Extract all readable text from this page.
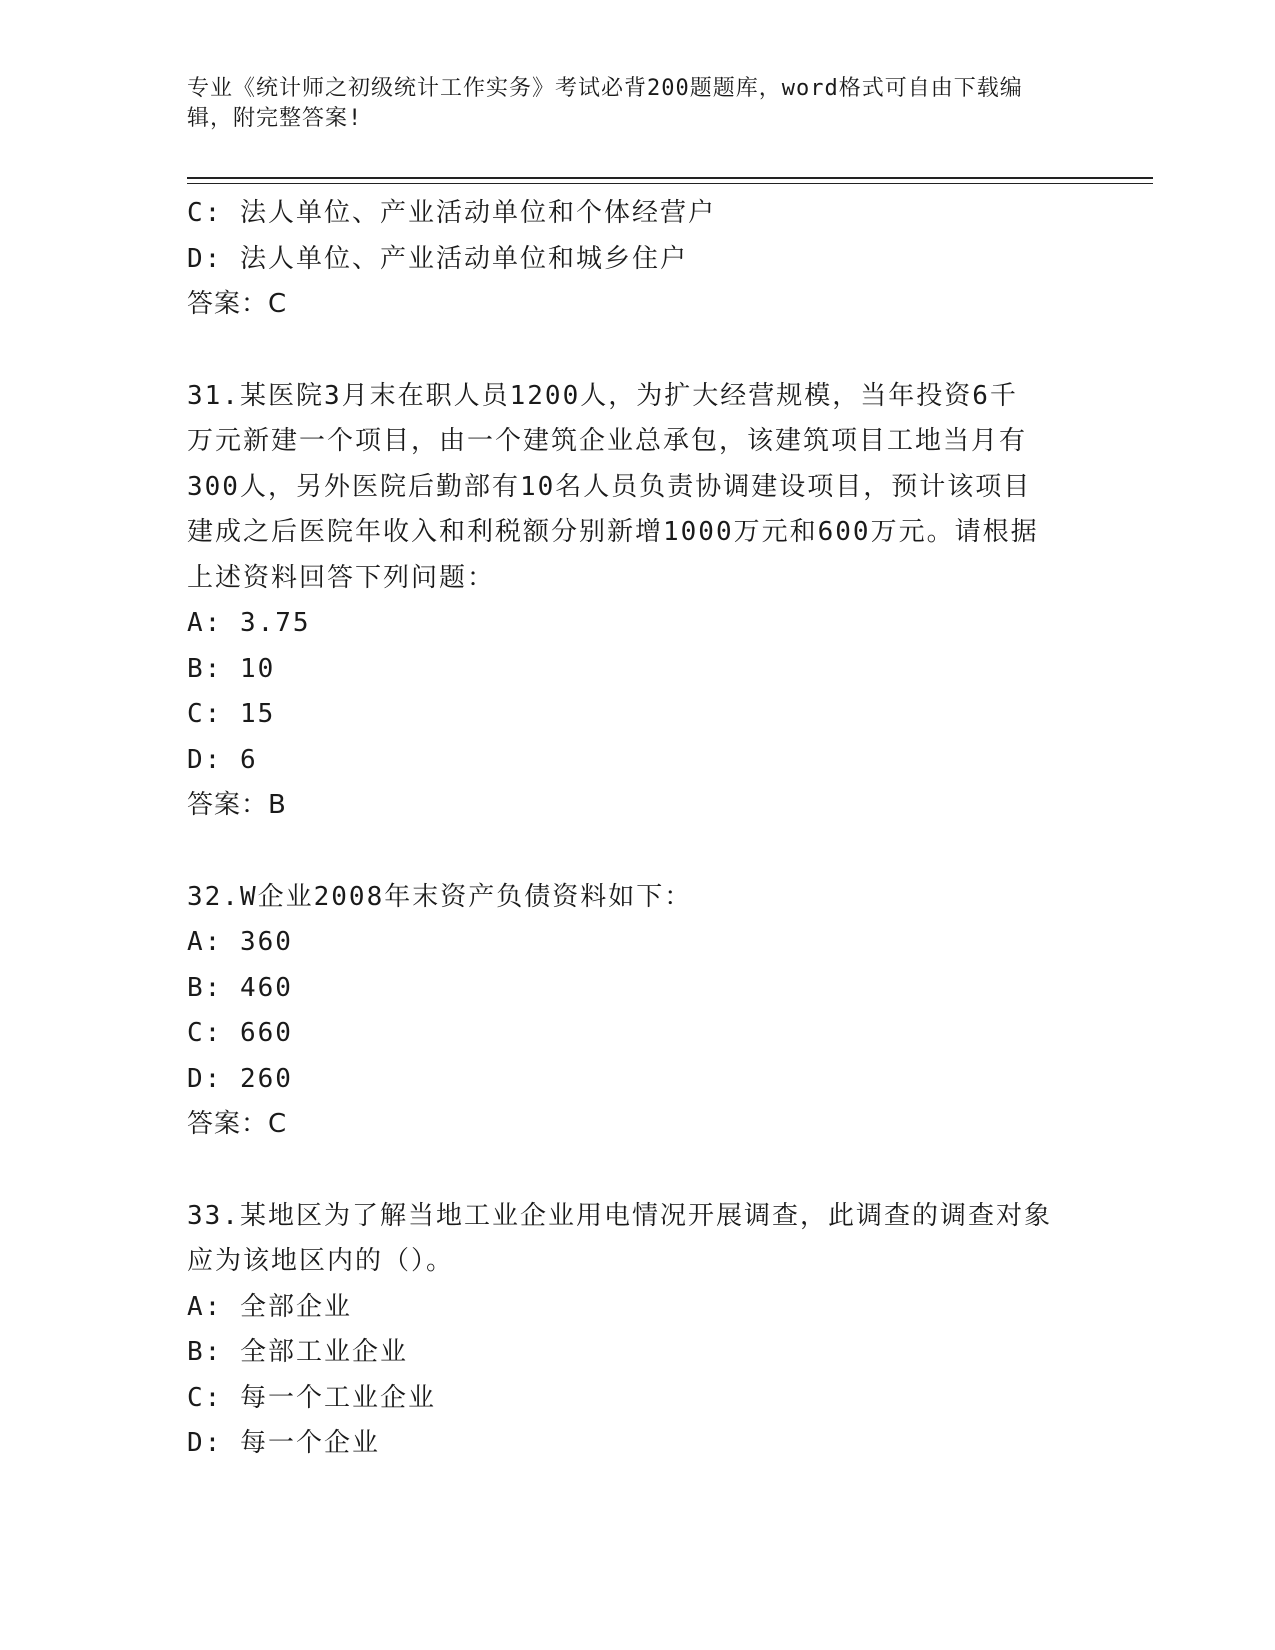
专业《统计师之初级统计工作实务》考试必背200题题库，word格式可自由下载编辑，附完整答案!
C: 法人单位、产业活动单位和个体经营户
D: 法人单位、产业活动单位和城乡住户
答案：C
31.某医院3月末在职人员1200人，为扩大经营规模，当年投资6千
万元新建一个项目，由一个建筑企业总承包，该建筑项目工地当月有
300人，另外医院后勤部有10名人员负责协调建设项目，预计该项目
建成之后医院年收入和利税额分别新增1000万元和600万元。请根据
上述资料回答下列问题：
A: 3.75
B: 10
C: 15
D: 6
答案：B
32.W企业2008年末资产负债资料如下：
A: 360
B: 460
C: 660
D: 260
答案：C
33.某地区为了解当地工业企业用电情况开展调查，此调查的调查对象
应为该地区内的（）。
A: 全部企业
B: 全部工业企业
C: 每一个工业企业
D: 每一个企业
